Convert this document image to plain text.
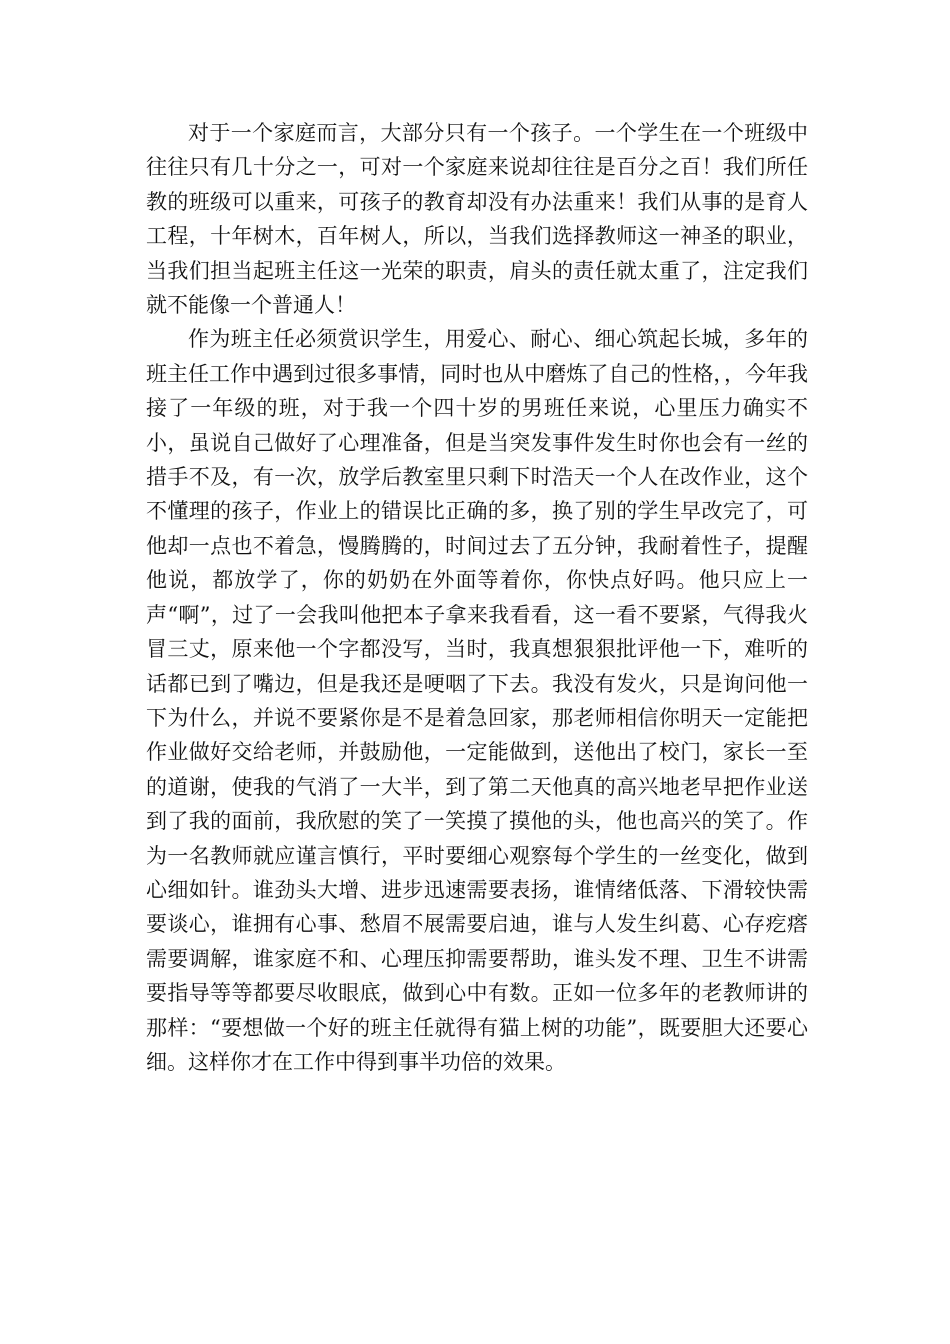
对于一个家庭而言，大部分只有一个孩子。一个学生在一个班级中往往只有几十分之一，可对一个家庭来说却往往是百分之百！我们所任教的班级可以重来，可孩子的教育却没有办法重来！我们从事的是育人工程，十年树木，百年树人，所以，当我们选择教师这一神圣的职业，当我们担当起班主任这一光荣的职责，肩头的责任就太重了，注定我们就不能像一个普通人！

作为班主任必须赏识学生，用爱心、耐心、细心筑起长城，多年的班主任工作中遇到过很多事情，同时也从中磨炼了自己的性格，，今年我接了一年级的班，对于我一个四十岁的男班任来说，心里压力确实不小，虽说自己做好了心理准备，但是当突发事件发生时你也会有一丝的措手不及，有一次，放学后教室里只剩下时浩天一个人在改作业，这个不懂理的孩子，作业上的错误比正确的多，换了别的学生早改完了，可他却一点也不着急，慢腾腾的，时间过去了五分钟，我耐着性子，提醒他说，都放学了，你的奶奶在外面等着你，你快点好吗。他只应上一声“啊”，过了一会我叫他把本子拿来我看看，这一看不要紧，气得我火冒三丈，原来他一个字都没写，当时，我真想狠狠批评他一下，难听的话都已到了嘴边，但是我还是哽咽了下去。我没有发火，只是询问他一下为什么，并说不要紧你是不是着急回家，那老师相信你明天一定能把作业做好交给老师，并鼓励他，一定能做到，送他出了校门，家长一至的道谢，使我的气消了一大半，到了第二天他真的高兴地老早把作业送到了我的面前，我欣慰的笑了一笑摸了摸他的头，他也高兴的笑了。作为一名教师就应谨言慎行，平时要细心观察每个学生的一丝变化，做到心细如针。谁劲头大增、进步迅速需要表扬，谁情绪低落、下滑较快需要谈心，谁拥有心事、愁眉不展需要启迪，谁与人发生纠葛、心存疙瘩需要调解，谁家庭不和、心理压抑需要帮助，谁头发不理、卫生不讲需要指导等等都要尽收眼底，做到心中有数。正如一位多年的老教师讲的那样：“要想做一个好的班主任就得有猫上树的功能”，既要胆大还要心细。这样你才在工作中得到事半功倍的效果。
